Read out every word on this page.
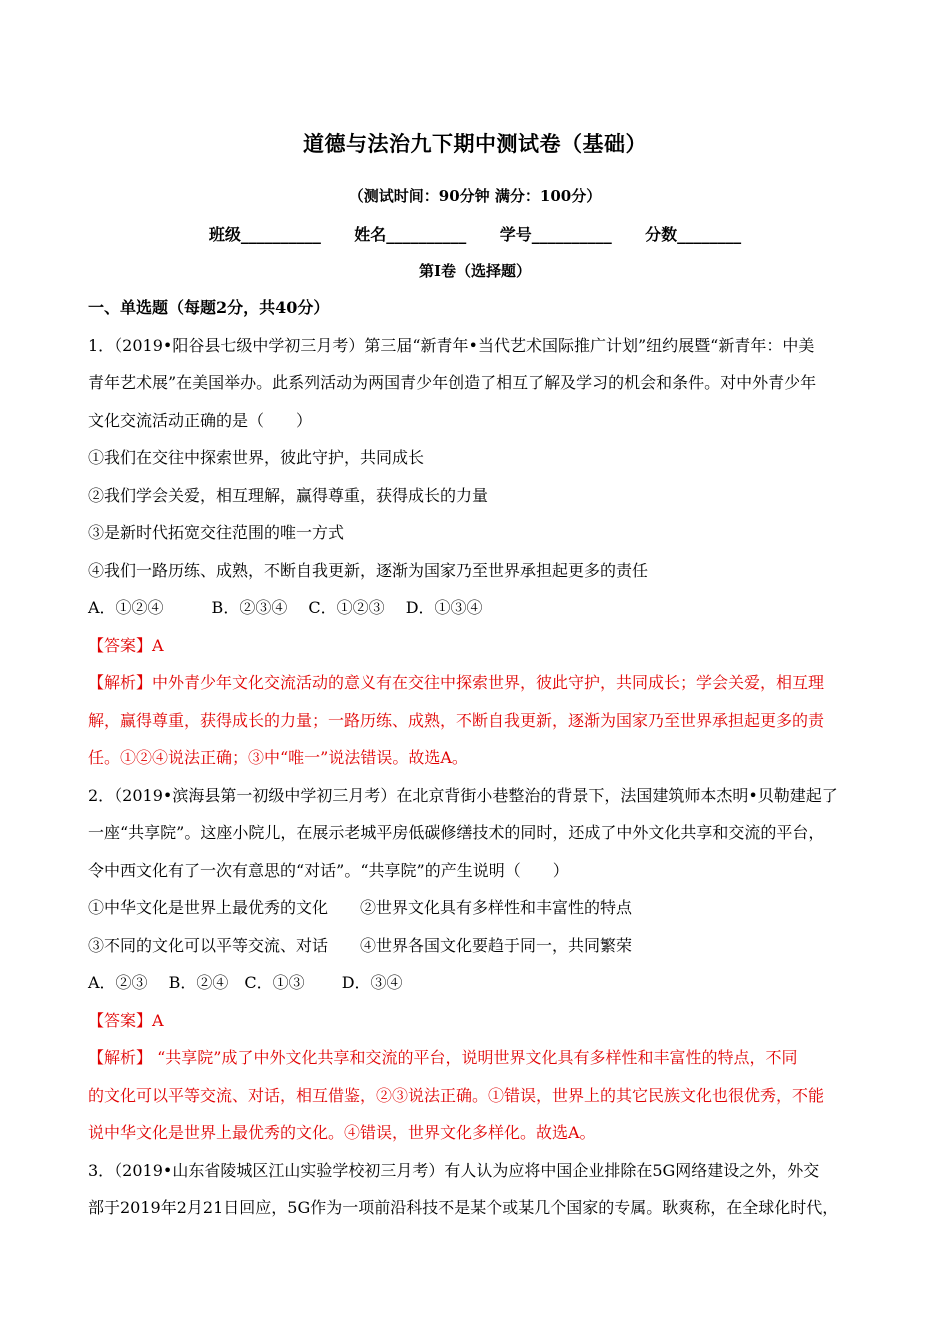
道德与法治九下期中测试卷（基础）
（测试时间：90分钟 满分：100分）
班级__________      姓名__________      学号__________      分数________
第I卷（选择题）
一、单选题（每题2分，共40分）
1．（2019•阳谷县七级中学初三月考）第三届“新青年•当代艺术国际推广计划”纽约展暨“新青年：中美
青年艺术展”在美国举办。此系列活动为两国青少年创造了相互了解及学习的机会和条件。对中外青少年
文化交流活动正确的是（　　）
①我们在交往中探索世界，彼此守护，共同成长
②我们学会关爱，相互理解，赢得尊重，获得成长的力量
③是新时代拓宽交往范围的唯一方式
④我们一路历练、成熟，不断自我更新，逐渐为国家乃至世界承担起更多的责任
A．①②④　　　B．②③④　 C．①②③　 D．①③④
【答案】A
【解析】中外青少年文化交流活动的意义有在交往中探索世界，彼此守护，共同成长；学会关爱，相互理
解，赢得尊重，获得成长的力量；一路历练、成熟，不断自我更新，逐渐为国家乃至世界承担起更多的责
任。①②④说法正确；③中“唯一”说法错误。故选A。
2．（2019•滨海县第一初级中学初三月考）在北京背街小巷整治的背景下，法国建筑师本杰明•贝勒建起了
一座“共享院”。这座小院儿，在展示老城平房低碳修缮技术的同时，还成了中外文化共享和交流的平台，
令中西文化有了一次有意思的“对话”。“共享院”的产生说明（　　）
①中华文化是世界上最优秀的文化　　②世界文化具有多样性和丰富性的特点
③不同的文化可以平等交流、对话　　④世界各国文化要趋于同一，共同繁荣
A．②③　 B．②④　C．①③　　 D．③④
【答案】A
【解析】 “共享院”成了中外文化共享和交流的平台，说明世界文化具有多样性和丰富性的特点，不同
的文化可以平等交流、对话，相互借鉴，②③说法正确。①错误，世界上的其它民族文化也很优秀，不能
说中华文化是世界上最优秀的文化。④错误，世界文化多样化。故选A。
3．（2019•山东省陵城区江山实验学校初三月考）有人认为应将中国企业排除在5G网络建设之外，外交
部于2019年2月21日回应，5G作为一项前沿科技不是某个或某几个国家的专属。耿爽称，在全球化时代，
